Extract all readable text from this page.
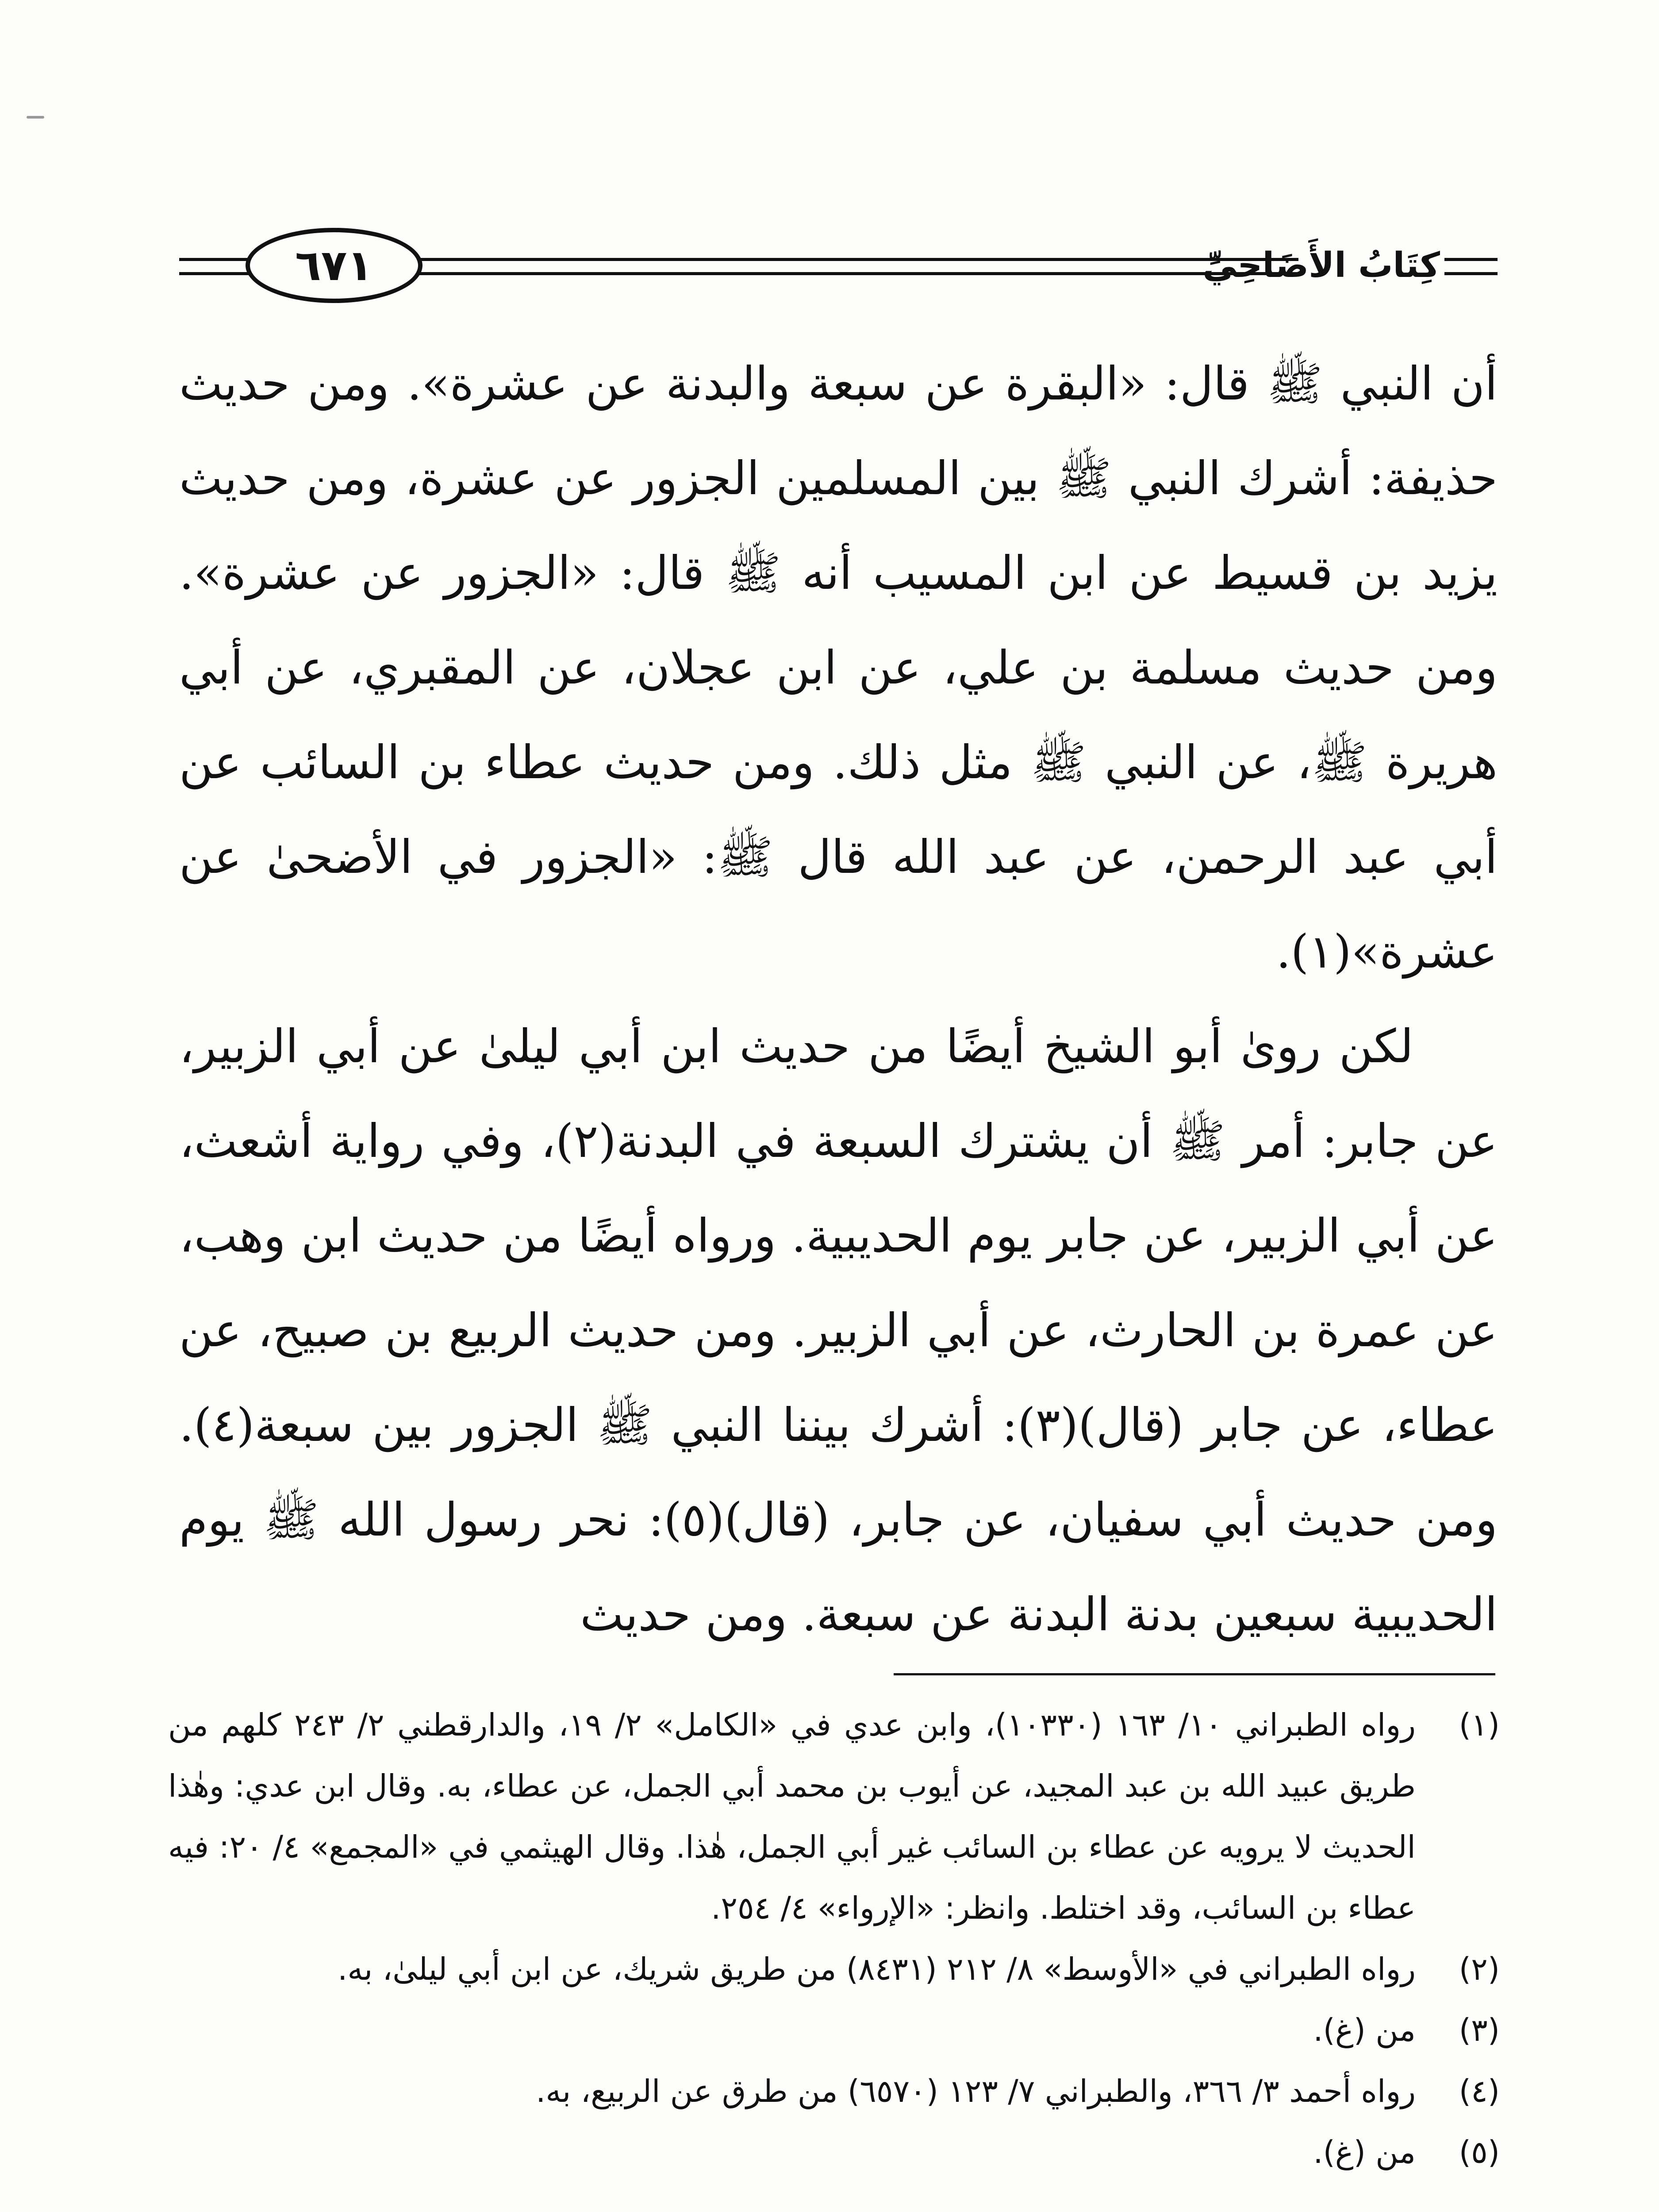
٦٧١	كِتَابُ الأَضَاحِيِّ

أن النبي ﷺ قال: «البقرة عن سبعة والبدنة عن عشرة». ومن حديث حذيفة: أشرك النبي ﷺ بين المسلمين الجزور عن عشرة، ومن حديث يزيد بن قسيط عن ابن المسيب أنه ﷺ قال: «الجزور عن عشرة». ومن حديث مسلمة بن علي، عن ابن عجلان، عن المقبري، عن أبي هريرة ﷺ، عن النبي ﷺ مثل ذلك. ومن حديث عطاء بن السائب عن أبي عبد الرحمن، عن عبد الله قال ﷺ: «الجزور في الأضحىٰ عن عشرة»(١).

لكن روىٰ أبو الشيخ أيضًا من حديث ابن أبي ليلىٰ عن أبي الزبير، عن جابر: أمر ﷺ أن يشترك السبعة في البدنة(٢)، وفي رواية أشعث، عن أبي الزبير، عن جابر يوم الحديبية. ورواه أيضًا من حديث ابن وهب، عن عمرة بن الحارث، عن أبي الزبير. ومن حديث الربيع بن صبيح، عن عطاء، عن جابر (قال)(٣): أشرك بيننا النبي ﷺ الجزور بين سبعة(٤). ومن حديث أبي سفيان، عن جابر، (قال)(٥): نحر رسول الله ﷺ يوم الحديبية سبعين بدنة البدنة عن سبعة. ومن حديث

(١)
رواه الطبراني ١٠/ ١٦٣ (١٠٣٣٠)، وابن عدي في «الكامل» ٢/ ١٩، والدارقطني ٢/ ٢٤٣ كلهم من طريق عبيد الله بن عبد المجيد، عن أيوب بن محمد أبي الجمل، عن عطاء، به. وقال ابن عدي: وهٰذا الحديث لا يرويه عن عطاء بن السائب غير أبي الجمل، هٰذا. وقال الهيثمي في «المجمع» ٤/ ٢٠: فيه عطاء بن السائب، وقد اختلط. وانظر: «الإرواء» ٤/ ٢٥٤.
(٢)
رواه الطبراني في «الأوسط» ٨/ ٢١٢ (٨٤٣١) من طريق شريك، عن ابن أبي ليلىٰ، به.
(٣)
من (غ).
(٤)
رواه أحمد ٣/ ٣٦٦، والطبراني ٧/ ١٢٣ (٦٥٧٠) من طرق عن الربيع، به.
(٥)
من (غ).
